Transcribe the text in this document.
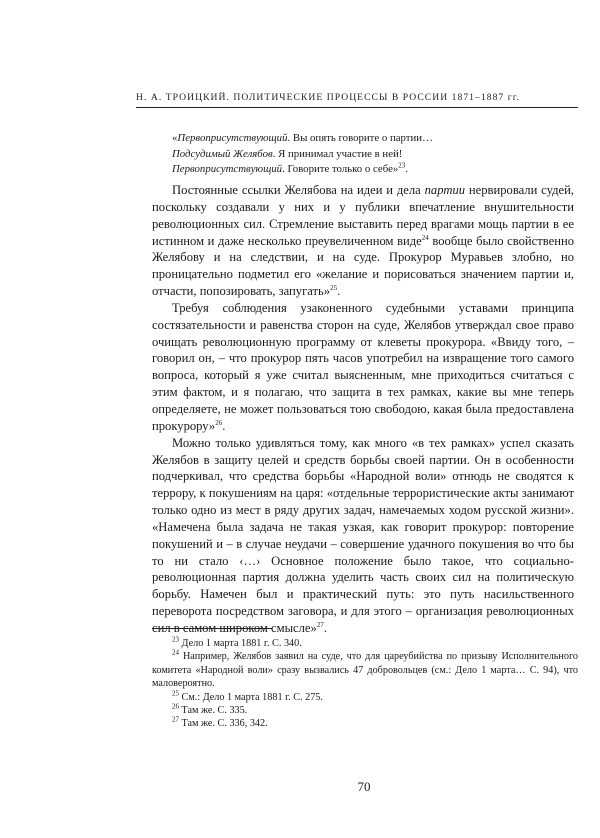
Н. А. ТРОИЦКИЙ. ПОЛИТИЧЕСКИЕ ПРОЦЕССЫ В РОССИИ 1871–1887 гг.
«Первоприсутствующий. Вы опять говорите о партии…
Подсудимый Желябов. Я принимал участие в ней!
Первоприсутствующий. Говорите только о себе»$^{23}$.

Постоянные ссылки Желябова на идеи и дела партии нервировали судей, поскольку создавали у них и у публики впечатление внушительности революционных сил. Стремление выставить перед врагами мощь партии в ее истинном и даже несколько преувеличенном виде$^{24}$ вообще было свойственно Желябову и на следствии, и на суде. Прокурор Муравьев злобно, но проницательно подметил его «желание и порисоваться значением партии и, отчасти, попозировать, запугать»$^{25}$.

Требуя соблюдения узаконенного судебными уставами принципа состязательности и равенства сторон на суде, Желябов утверждал свое право очищать революционную программу от клеветы прокурора. «Ввиду того, – говорил он, – что прокурор пять часов употребил на извращение того самого вопроса, который я уже считал выясненным, мне приходиться считаться с этим фактом, и я полагаю, что защита в тех рамках, какие вы мне теперь определяете, не может пользоваться тою свободою, какая была предоставлена прокурору»$^{26}$.

Можно только удивляться тому, как много «в тех рамках» успел сказать Желябов в защиту целей и средств борьбы своей партии. Он в особенности подчеркивал, что средства борьбы «Народной воли» отнюдь не сводятся к террору, к покушениям на царя: «отдельные террористические акты занимают только одно из мест в ряду других задач, намечаемых ходом русской жизни». «Намечена была задача не такая узкая, как говорит прокурор: повторение покушений и – в случае неудачи – совершение удачного покушения во что бы то ни стало ‹…› Основное положение было такое, что социально-революционная партия должна уделить часть своих сил на политическую борьбу. Намечен был и практический путь: это путь насильственного переворота посредством заговора, и для этого – организация революционных сил в самом широком смысле»$^{27}$.

$^{23}$ Дело 1 марта 1881 г. С. 340.

$^{24}$ Например, Желябов заявил на суде, что для цареубийства по призыву Исполнительного комитета «Народной воли» сразу вызвались 47 добровольцев (см.: Дело 1 марта… С. 94), что маловероятно.

$^{25}$ См.: Дело 1 марта 1881 г. С. 275.

$^{26}$ Там же. С. 335.

$^{27}$ Там же. С. 336, 342.

70
